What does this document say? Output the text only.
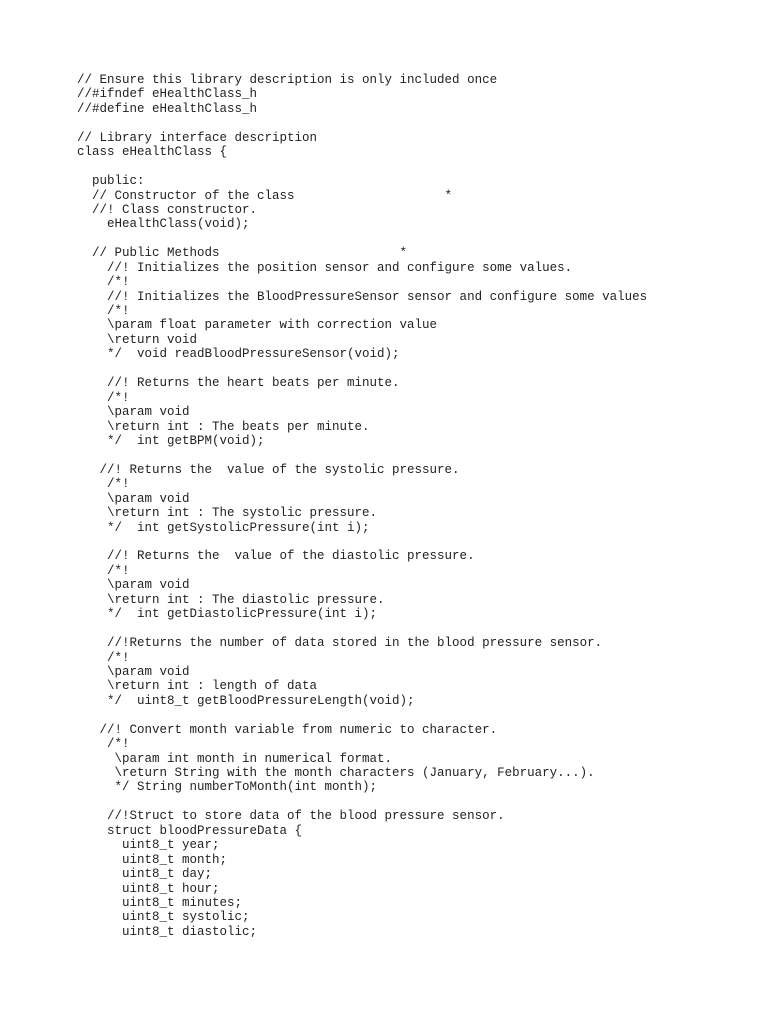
// Ensure this library description is only included once
//#ifndef eHealthClass_h
//#define eHealthClass_h
// Library interface description
class eHealthClass {
public:
// Constructor of the class                    *
//! Class constructor.
eHealthClass(void);
// Public Methods                        *
//! Initializes the position sensor and configure some values.
/*!
//! Initializes the BloodPressureSensor sensor and configure some values
/*!
\param float parameter with correction value
\return void
*/  void readBloodPressureSensor(void);
//! Returns the heart beats per minute.
/*!
\param void
\return int : The beats per minute.
*/  int getBPM(void);
//! Returns the  value of the systolic pressure.
/*!
\param void
\return int : The systolic pressure.
*/  int getSystolicPressure(int i);
//! Returns the  value of the diastolic pressure.
/*!
\param void
\return int : The diastolic pressure.
*/  int getDiastolicPressure(int i);
//!Returns the number of data stored in the blood pressure sensor.
/*!
\param void
\return int : length of data
*/  uint8_t getBloodPressureLength(void);
//! Convert month variable from numeric to character.
/*!
\param int month in numerical format.
\return String with the month characters (January, February...).
*/ String numberToMonth(int month);
//!Struct to store data of the blood pressure sensor.
struct bloodPressureData {
uint8_t year;
uint8_t month;
uint8_t day;
uint8_t hour;
uint8_t minutes;
uint8_t systolic;
uint8_t diastolic;
